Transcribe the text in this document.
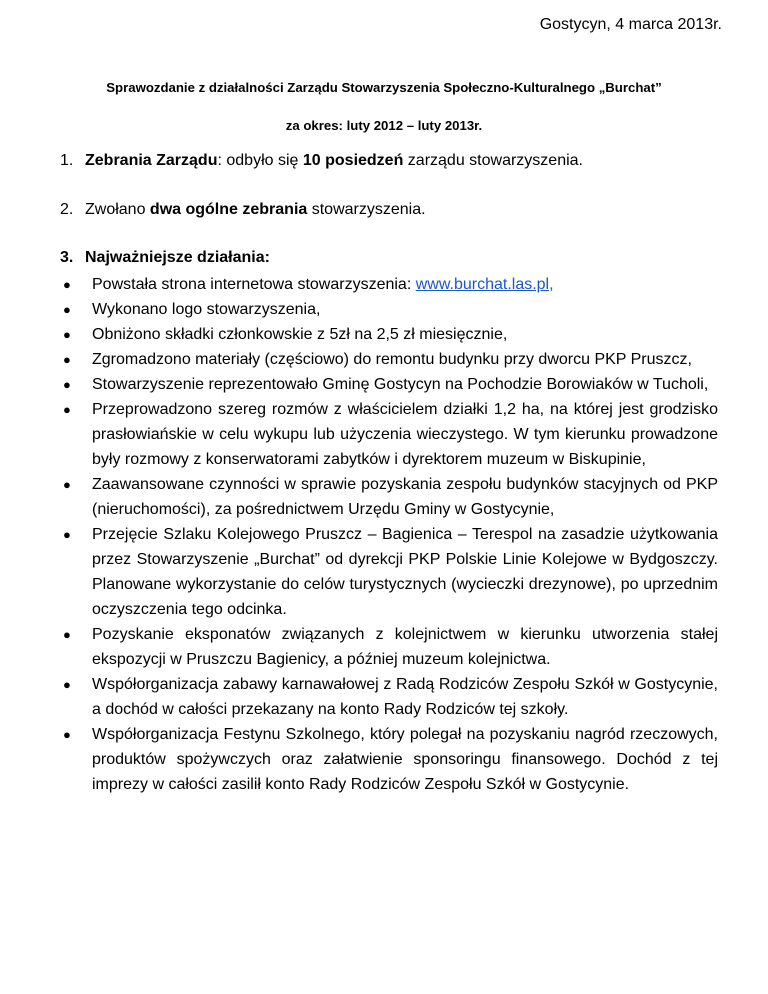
Gostycyn, 4 marca 2013r.
Sprawozdanie z działalności Zarządu Stowarzyszenia Społeczno-Kulturalnego „Burchat”
za okres: luty 2012 – luty 2013r.
1. Zebrania Zarządu: odbyło się 10 posiedzeń zarządu stowarzyszenia.
2. Zwołano dwa ogólne zebrania stowarzyszenia.
3. Najważniejsze działania:
● Powstała strona internetowa stowarzyszenia: www.burchat.las.pl,
● Wykonano logo stowarzyszenia,
● Obniżono składki członkowskie z 5zł na 2,5 zł miesięcznie,
● Zgromadzono materiały (częściowo) do remontu budynku przy dworcu PKP Pruszcz,
● Stowarzyszenie reprezentowało Gminę Gostycyn na Pochodzie Borowiaków w Tucholi,
● Przeprowadzono szereg rozmów z właścicielem działki 1,2 ha, na której jest grodzisko prasłowiańskie w celu wykupu lub użyczenia wieczystego. W tym kierunku prowadzone były rozmowy z konserwatorami zabytków i dyrektorem muzeum w Biskupinie,
● Zaawansowane czynności w sprawie pozyskania zespołu budynków stacyjnych od PKP (nieruchomości), za pośrednictwem Urzędu Gminy w Gostycynie,
● Przejęcie Szlaku Kolejowego Pruszcz – Bagienica – Terespol na zasadzie użytkowania przez Stowarzyszenie „Burchat” od dyrekcji PKP Polskie Linie Kolejowe w Bydgoszczy. Planowane wykorzystanie do celów turystycznych (wycieczki drezynowe), po uprzednim oczyszczenia tego odcinka.
● Pozyskanie eksponatów związanych z kolejnictwem w kierunku utworzenia stałej ekspozycji w Pruszczu Bagienicy, a później muzeum kolejnictwa.
● Współorganizacja zabawy karnawałowej z Radą Rodziców Zespołu Szkół w Gostycynie, a dochód w całości przekazany na konto Rady Rodziców tej szkoły.
● Współorganizacja Festynu Szkolnego, który polegał na pozyskaniu nagród rzeczowych, produktów spożywczych oraz załatwienie sponsoringu finansowego. Dochód z tej imprezy w całości zasilił konto Rady Rodziców Zespołu Szkół w Gostycynie.
